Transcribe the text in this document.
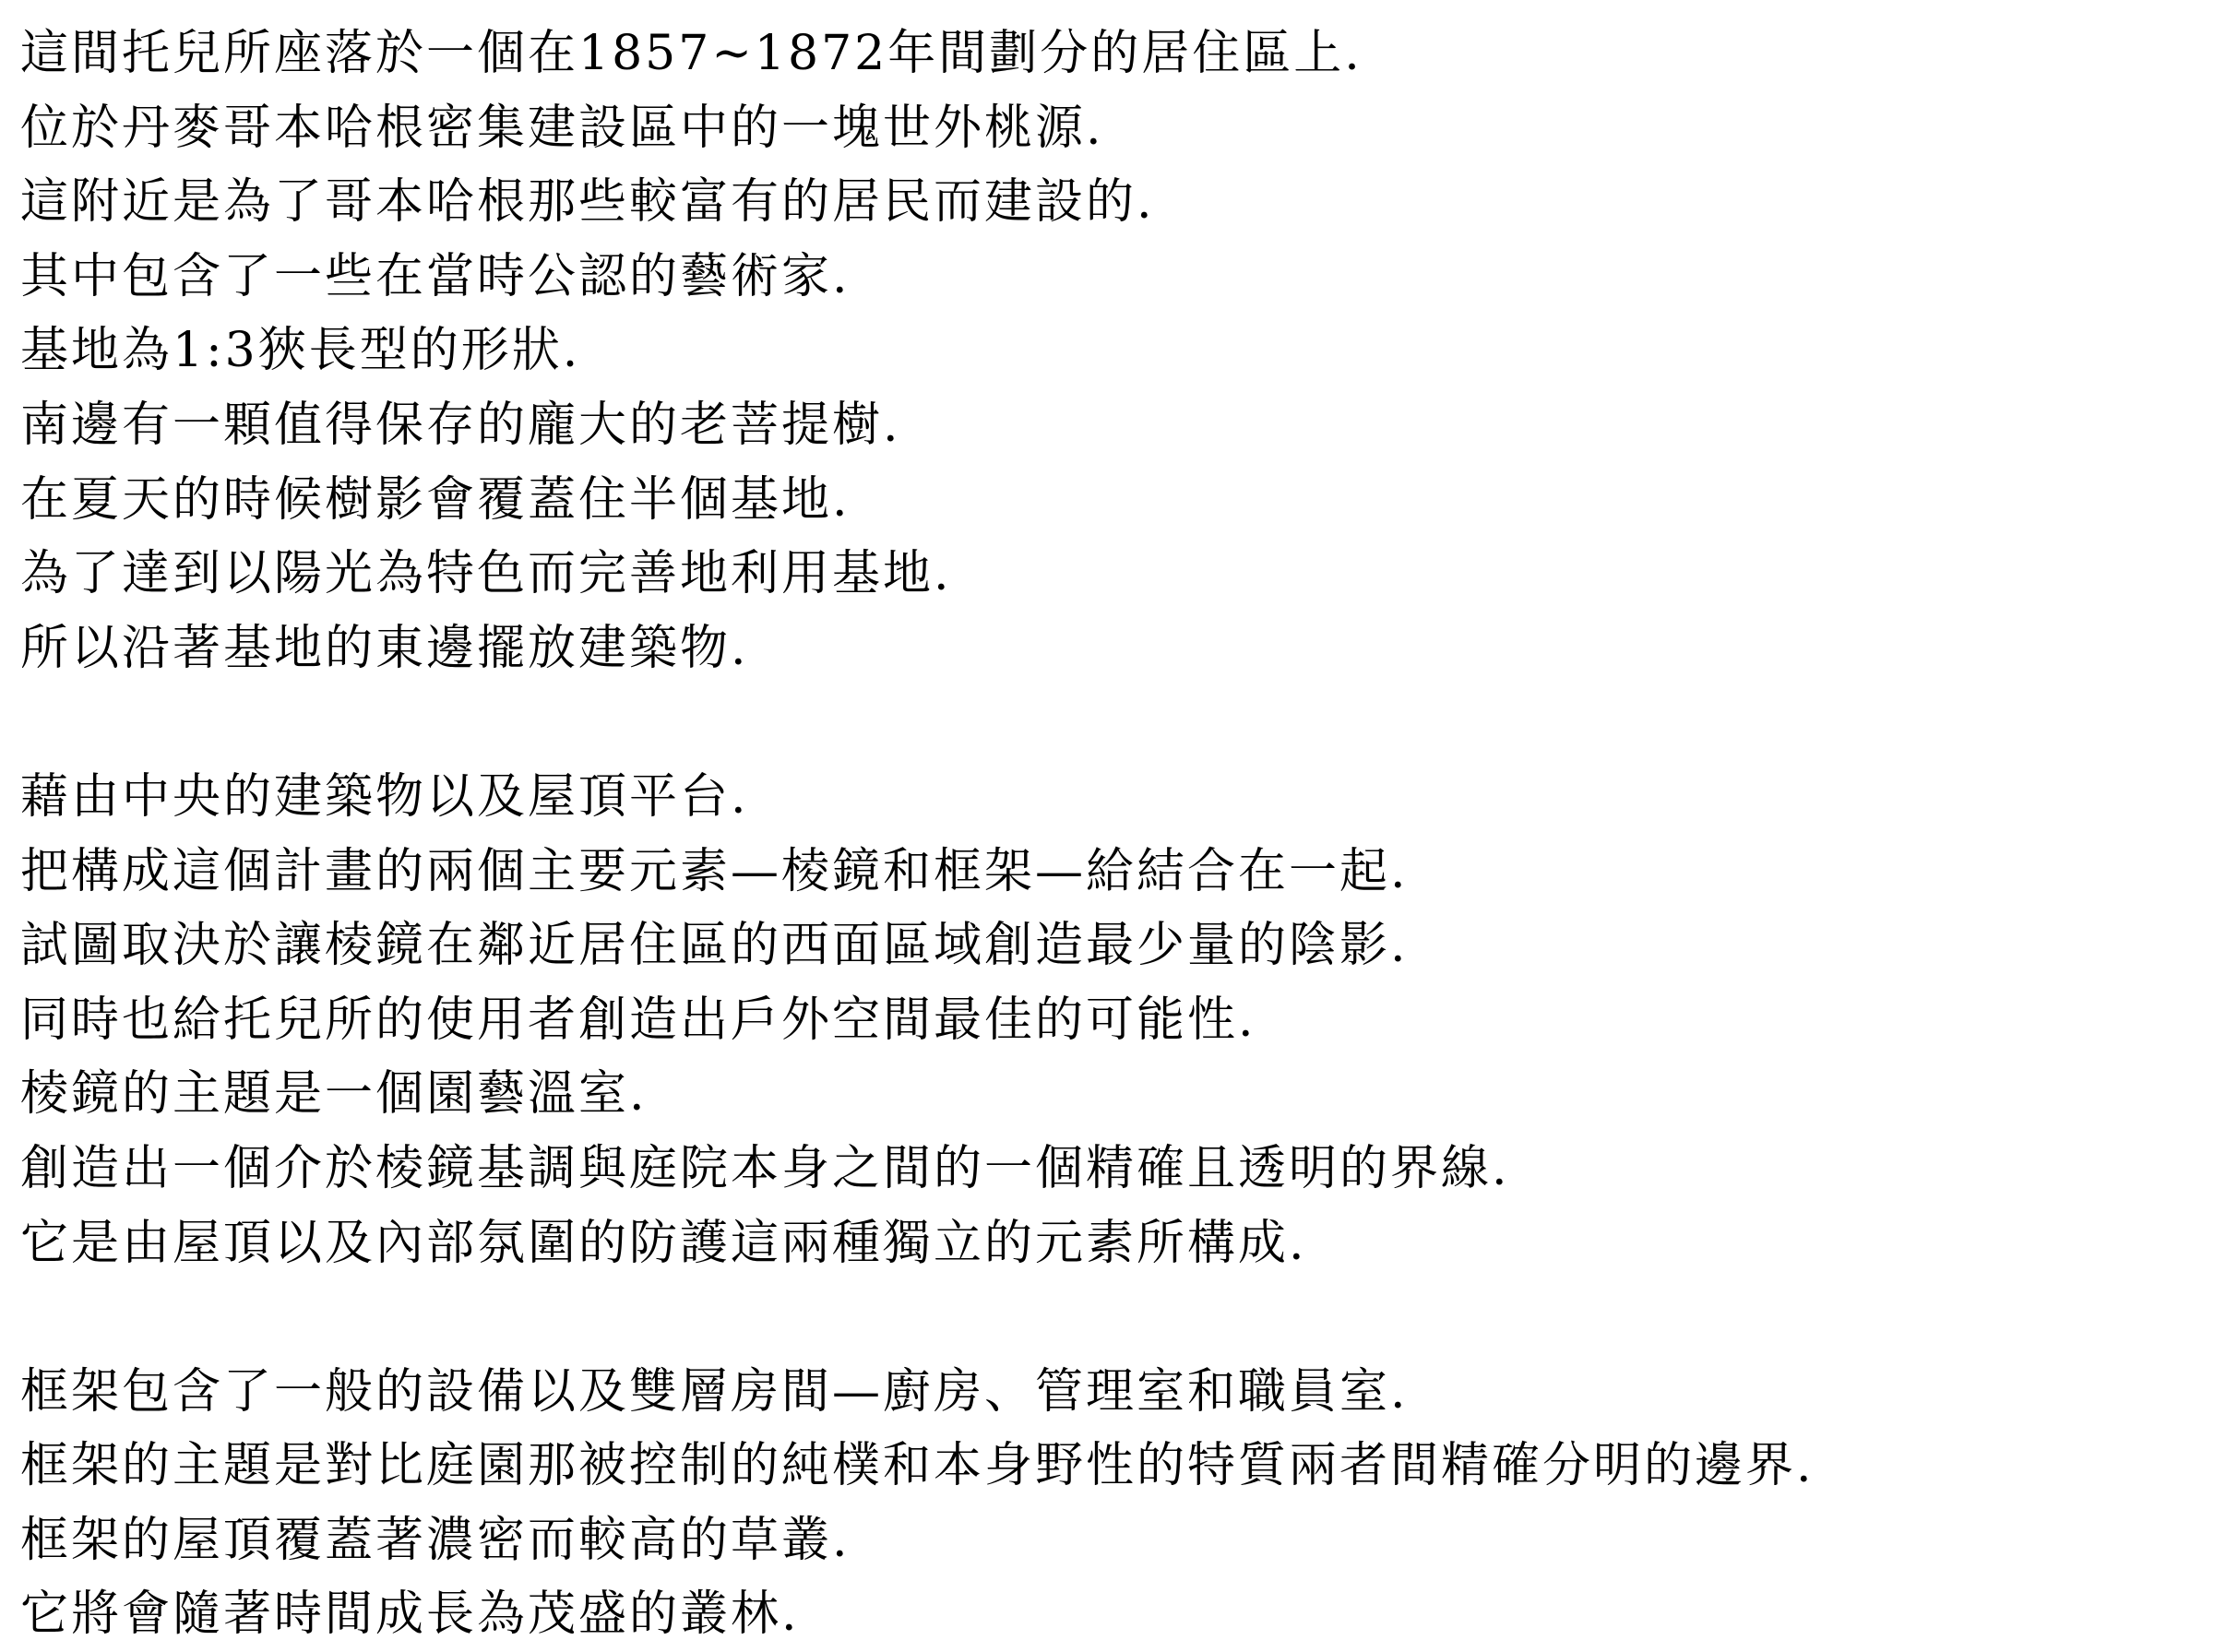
這間托兒所座落於一個在1857~1872年間劃分的居住區上.
位於丹麥哥本哈根密集建設區中的一塊世外桃源.
這附近是為了哥本哈根那些較富有的居民而建設的.
其中包含了一些在當時公認的藝術家.
基地為1:3狹長型的形狀.
南邊有一顆值得保存的龐大的老菩提樹.
在夏天的時候樹影會覆蓋住半個基地.
為了達到以陽光為特色而完善地利用基地.
所以沿著基地的東邊擺放建築物.
藉由中央的建築物以及屋頂平台.
把構成這個計畫的兩個主要元素—棱鏡和框架—給結合在一起.
試圖取決於讓棱鏡在鄰近居住區的西面區域創造最少量的陰影.
同時也給托兒所的使用者創造出戶外空間最佳的可能性.
棱鏡的主題是一個園藝溫室.
創造出一個介於棱鏡基調與庭院本身之間的一個精確且透明的界線.
它是由屋頂以及內部氛圍的防護這兩種獨立的元素所構成.
框架包含了一般的設備以及雙層房間—廚房、管理室和職員室.
框架的主題是對比庭園那被控制的純樸和本身野性的特質兩者間精確分明的邊界.
框架的屋頂覆蓋著濃密而較高的草叢.
它將會隨著時間成長為茂盛的叢林.
